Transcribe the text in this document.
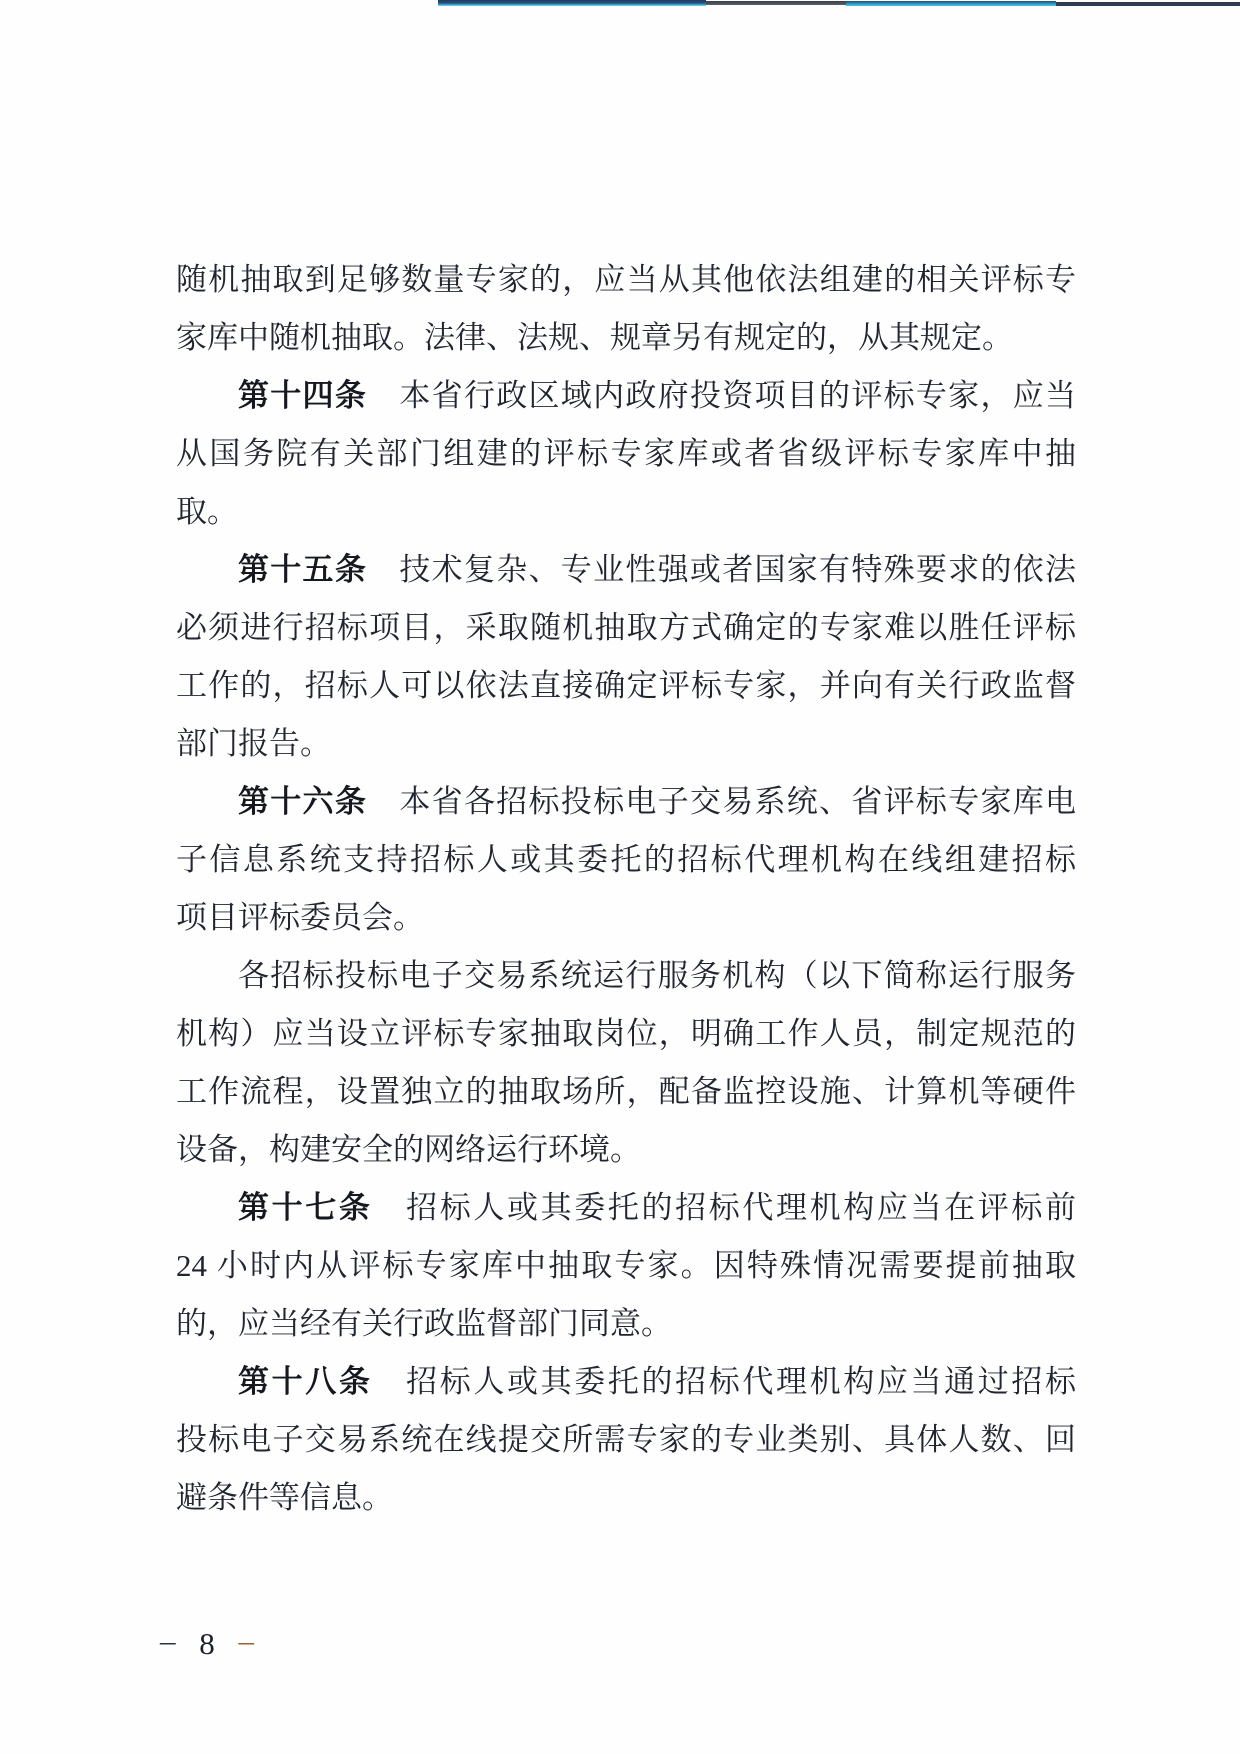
随机抽取到足够数量专家的，应当从其他依法组建的相关评标专
家库中随机抽取。法律、法规、规章另有规定的，从其规定。
第十四条　 本省行政区域内政府投资项目的评标专家，应当
从国务院有关部门组建的评标专家库或者省级评标专家库中抽
取。
第十五条　 技术复杂、专业性强或者国家有特殊要求的依法
必须进行招标项目，采取随机抽取方式确定的专家难以胜任评标
工作的，招标人可以依法直接确定评标专家，并向有关行政监督
部门报告。
第十六条　 本省各招标投标电子交易系统、省评标专家库电
子信息系统支持招标人或其委托的招标代理机构在线组建招标
项目评标委员会。
各招标投标电子交易系统运行服务机构（以下简称运行服务
机构）应当设立评标专家抽取岗位，明确工作人员，制定规范的
工作流程，设置独立的抽取场所，配备监控设施、计算机等硬件
设备，构建安全的网络运行环境。
第十七条　 招标人或其委托的招标代理机构应当在评标前
24 小时内从评标专家库中抽取专家。因特殊情况需要提前抽取
的，应当经有关行政监督部门同意。
第十八条　 招标人或其委托的招标代理机构应当通过招标
投标电子交易系统在线提交所需专家的专业类别、具体人数、回
避条件等信息。
– 8 –
